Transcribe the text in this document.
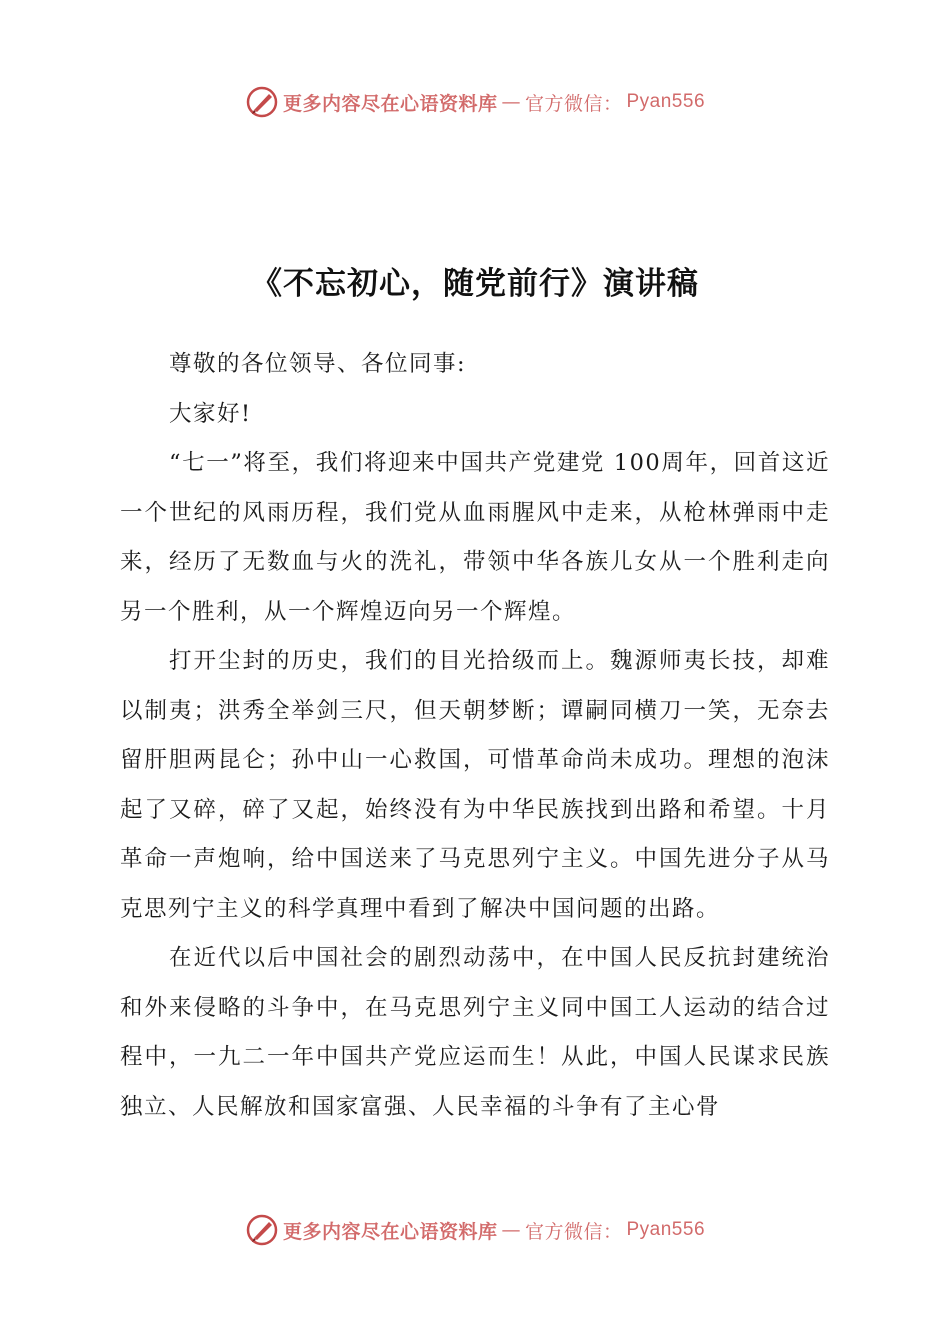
更多内容尽在心语资料库 — 官方微信： Pyan556
《不忘初心，随党前行》演讲稿

尊敬的各位领导、各位同事:

大家好!

“七一”将至，我们将迎来中国共产党建党 100周年，回首这近一个世纪的风雨历程，我们党从血雨腥风中走来，从枪林弹雨中走来，经历了无数血与火的洗礼，带领中华各族儿女从一个胜利走向另一个胜利，从一个辉煌迈向另一个辉煌。

打开尘封的历史，我们的目光拾级而上。魏源师夷长技，却难以制夷；洪秀全举剑三尺，但天朝梦断；谭嗣同横刀一笑，无奈去留肝胆两昆仑；孙中山一心救国，可惜革命尚未成功。理想的泡沫起了又碎，碎了又起，始终没有为中华民族找到出路和希望。十月革命一声炮响，给中国送来了马克思列宁主义。中国先进分子从马克思列宁主义的科学真理中看到了解决中国问题的出路。

在近代以后中国社会的剧烈动荡中，在中国人民反抗封建统治和外来侵略的斗争中，在马克思列宁主义同中国工人运动的结合过程中，一九二一年中国共产党应运而生！从此，中国人民谋求民族独立、人民解放和国家富强、人民幸福的斗争有了主心骨

更多内容尽在心语资料库 — 官方微信： Pyan556
